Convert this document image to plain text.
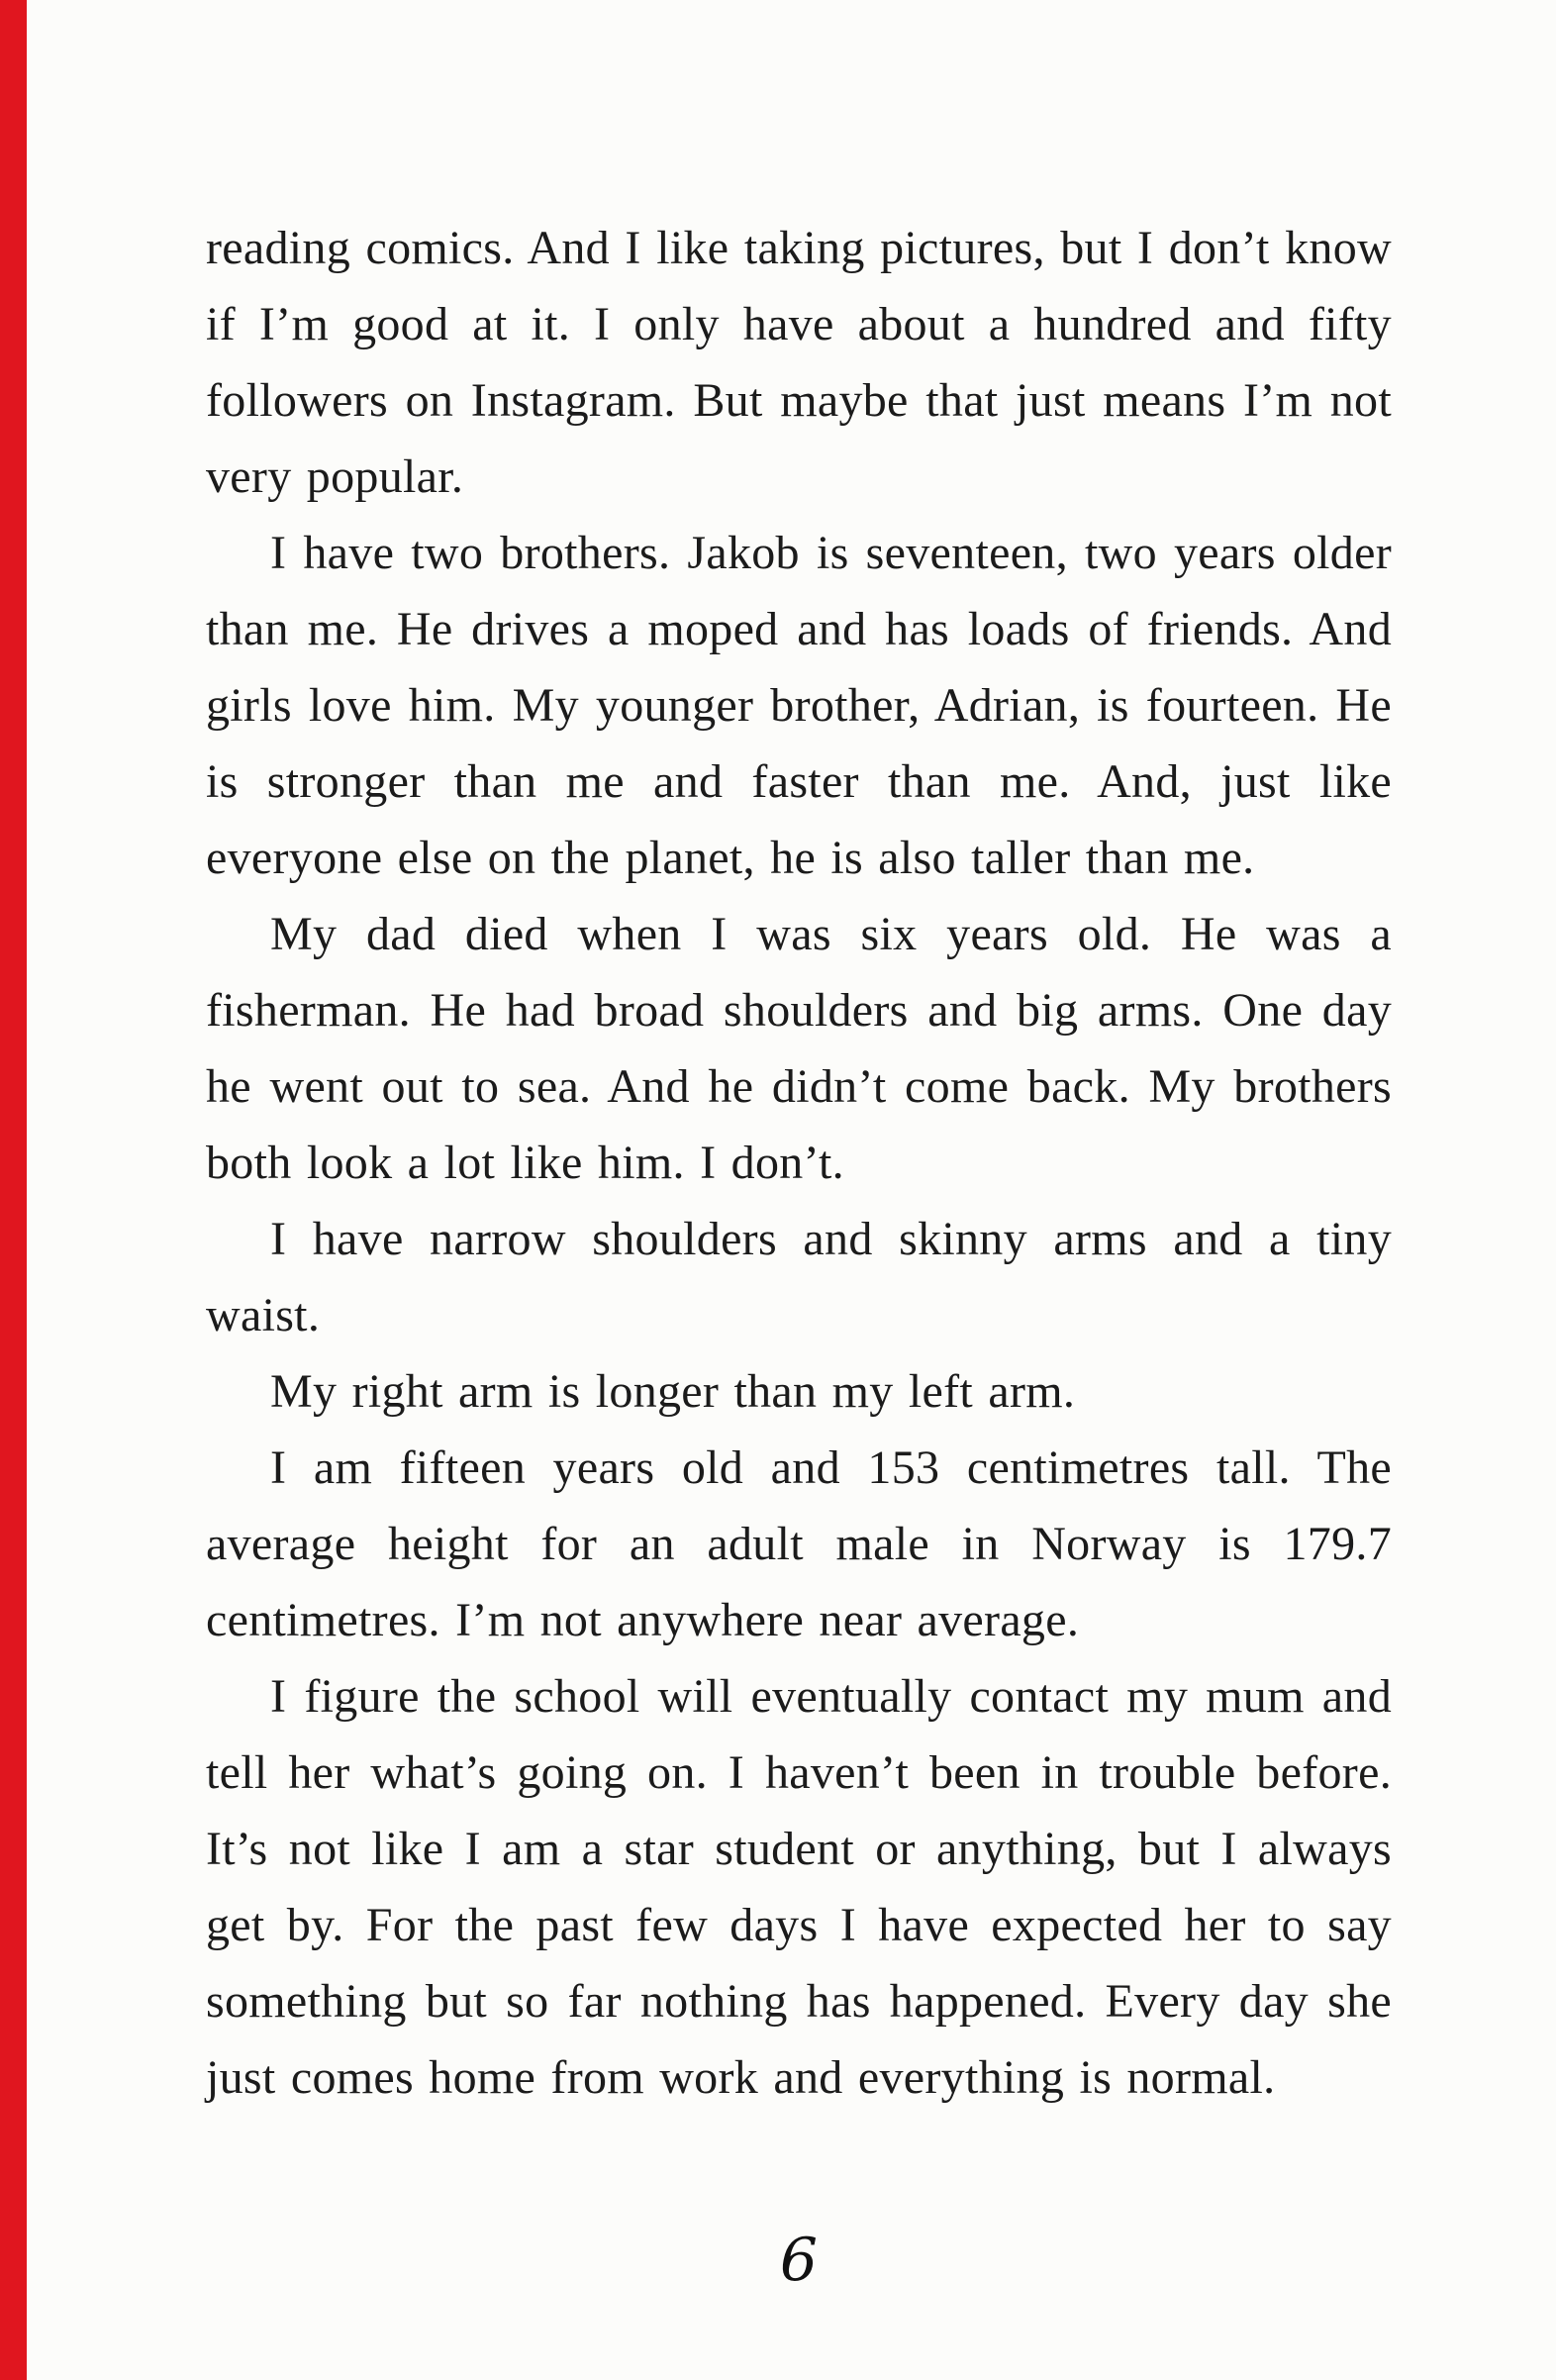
reading comics. And I like taking pictures, but I don’t know if I’m good at it. I only have about a hundred and fifty followers on Instagram. But maybe that just means I’m not very popular.

I have two brothers. Jakob is seventeen, two years older than me. He drives a moped and has loads of friends. And girls love him. My younger brother, Adrian, is fourteen. He is stronger than me and faster than me. And, just like everyone else on the planet, he is also taller than me.

My dad died when I was six years old. He was a fisherman. He had broad shoulders and big arms. One day he went out to sea. And he didn’t come back. My brothers both look a lot like him. I don’t.

I have narrow shoulders and skinny arms and a tiny waist.

My right arm is longer than my left arm.

I am fifteen years old and 153 centimetres tall. The average height for an adult male in Norway is 179.7 centimetres. I’m not anywhere near average.

I figure the school will eventually contact my mum and tell her what’s going on. I haven’t been in trouble before. It’s not like I am a star student or anything, but I always get by. For the past few days I have expected her to say something but so far nothing has happened. Every day she just comes home from work and everything is normal.

6
